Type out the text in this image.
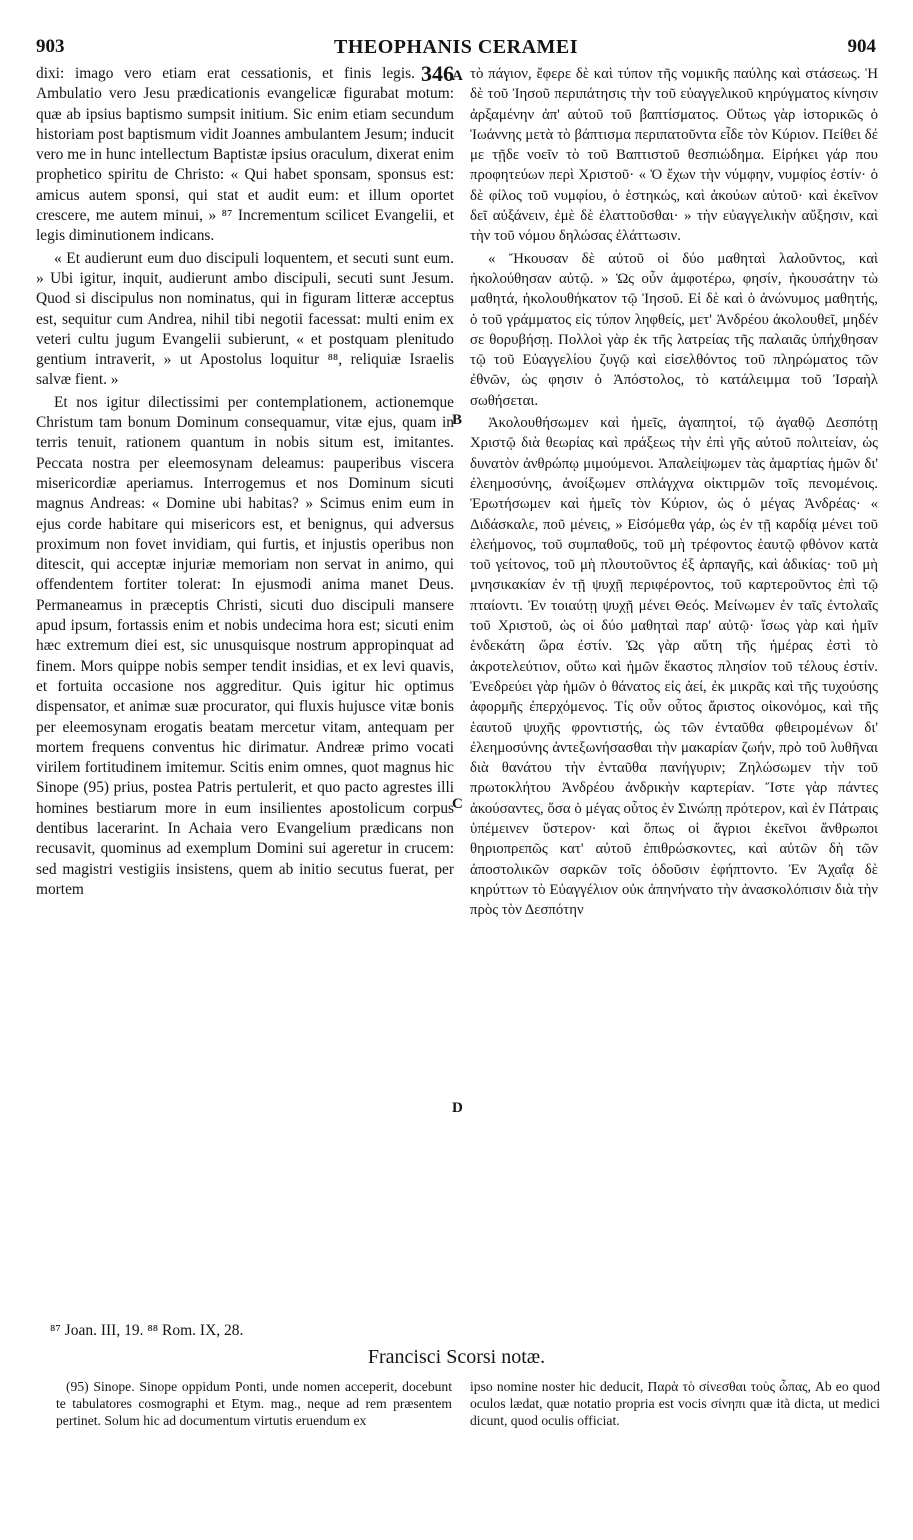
903	THEOPHANIS CERAMEI	904

346
dixi: imago vero etiam erat cessationis, et finis legis. Ambulatio vero Jesu prædicationis evangelicæ figurabat motum: quæ ab ipsius baptismo sumpsit initium. Sic enim etiam secundum historiam post baptismum vidit Joannes ambulantem Jesum; inducit vero me in hunc intellectum Baptistæ ipsius oraculum, dixerat enim prophetico spiritu de Christo: « Qui habet sponsam, sponsus est: amicus autem sponsi, qui stat et audit eum: et illum oportet crescere, me autem minui, » ⁸⁷ Incrementum scilicet Evangelii, et legis diminutionem indicans.

« Et audierunt eum duo discipuli loquentem, et secuti sunt eum. » Ubi igitur, inquit, audierunt ambo discipuli, secuti sunt Jesum. Quod si discipulus non nominatus, qui in figuram litteræ acceptus est, sequitur cum Andrea, nihil tibi negotii facessat: multi enim ex veteri cultu jugum Evangelii subierunt, « et postquam plenitudo gentium intraverit, » ut Apostolus loquitur ⁸⁸, reliquiæ Israelis salvæ fient. »

Et nos igitur dilectissimi per contemplationem, actionemque Christum tam bonum Dominum consequamur, vitæ ejus, quam in terris tenuit, rationem quantum in nobis situm est, imitantes. Peccata nostra per eleemosynam deleamus: pauperibus viscera misericordiæ aperiamus. Interrogemus et nos Dominum sicuti magnus Andreas: « Domine ubi habitas? » Scimus enim eum in ejus corde habitare qui misericors est, et benignus, qui adversus proximum non fovet invidiam, qui furtis, et injustis operibus non ditescit, qui acceptæ injuriæ memoriam non servat in animo, qui offendentem fortiter tolerat: In ejusmodi anima manet Deus. Permaneamus in præceptis Christi, sicuti duo discipuli mansere apud ipsum, fortassis enim et nobis undecima hora est; sicuti enim hæc extremum diei est, sic unusquisque nostrum appropinquat ad finem. Mors quippe nobis semper tendit insidias, et ex levi quavis, et fortuita occasione nos aggreditur. Quis igitur hic optimus dispensator, et animæ suæ procurator, qui fluxis hujusce vitæ bonis per eleemosynam erogatis beatam mercetur vitam, antequam per mortem frequens conventus hic dirimatur. Andreæ primo vocati virilem fortitudinem imitemur. Scitis enim omnes, quot magnus hic Sinope (95) prius, postea Patris pertulerit, et quo pacto agrestes illi homines bestiarum more in eum insilientes apostolicum corpus dentibus lacerarint. In Achaia vero Evangelium prædicans non recusavit, quominus ad exemplum Domini sui ageretur in crucem: sed magistri vestigiis insistens, quem ab initio secutus fuerat, per mortem

A
B
C
D

τὸ πάγιον, ἔφερε δὲ καὶ τύπον τῆς νομικῆς παύλης καὶ στάσεως. Ἡ δὲ τοῦ Ἰησοῦ περιπάτησις τὴν τοῦ εὐαγγελικοῦ κηρύγματος κίνησιν ἀρξαμένην ἀπ' αὐτοῦ τοῦ βαπτίσματος. Οὕτως γὰρ ἱστορικῶς ὁ Ἰωάννης μετὰ τὸ βάπτισμα περιπατοῦντα εἶδε τὸν Κύριον. Πείθει δέ με τῇδε νοεῖν τὸ τοῦ Βαπτιστοῦ θεσπιώδημα. Εἰρήκει γάρ που προφητεύων περὶ Χριστοῦ· « Ὁ ἔχων τὴν νύμφην, νυμφίος ἐστίν· ὁ δὲ φίλος τοῦ νυμφίου, ὁ ἑστηκώς, καὶ ἀκούων αὐτοῦ· καὶ ἐκεῖνον δεῖ αὐξάνειν, ἐμὲ δὲ ἐλαττοῦσθαι· » τὴν εὐαγγελικὴν αὔξησιν, καὶ τὴν τοῦ νόμου δηλώσας ἐλάττωσιν.

« Ἤκουσαν δὲ αὐτοῦ οἱ δύο μαθηταὶ λαλοῦντος, καὶ ἠκολούθησαν αὐτῷ. » Ὡς οὖν ἀμφοτέρω, φησίν, ἠκουσάτην τὼ μαθητά, ἠκολουθήκατον τῷ Ἰησοῦ. Εἰ δὲ καὶ ὁ ἀνώνυμος μαθητής, ὁ τοῦ γράμματος εἰς τύπον ληφθείς, μετ' Ἀνδρέου ἀκολουθεῖ, μηδέν σε θορυβήσῃ. Πολλοὶ γὰρ ἐκ τῆς λατρείας τῆς παλαιᾶς ὑπήχθησαν τῷ τοῦ Εὐαγγελίου ζυγῷ καὶ εἰσελθόντος τοῦ πληρώματος τῶν ἐθνῶν, ὡς φησιν ὁ Ἀπόστολος, τὸ κατάλειμμα τοῦ Ἰσραὴλ σωθήσεται.

Ἀκολουθήσωμεν καὶ ἡμεῖς, ἀγαπητοί, τῷ ἀγαθῷ Δεσπότῃ Χριστῷ διὰ θεωρίας καὶ πράξεως τὴν ἐπὶ γῆς αὐτοῦ πολιτείαν, ὡς δυνατὸν ἀνθρώπῳ μιμούμενοι. Ἀπαλείψωμεν τὰς ἁμαρτίας ἡμῶν δι' ἐλεημοσύνης, ἀνοίξωμεν σπλάγχνα οἰκτιρμῶν τοῖς πενομένοις. Ἐρωτήσωμεν καὶ ἡμεῖς τὸν Κύριον, ὡς ὁ μέγας Ἀνδρέας· « Διδάσκαλε, ποῦ μένεις, » Εἰσόμεθα γάρ, ὡς ἐν τῇ καρδίᾳ μένει τοῦ ἐλεήμονος, τοῦ συμπαθοῦς, τοῦ μὴ τρέφοντος ἑαυτῷ φθόνον κατὰ τοῦ γείτονος, τοῦ μὴ πλουτοῦντος ἐξ ἁρπαγῆς, καὶ ἀδικίας· τοῦ μὴ μνησικακίαν ἐν τῇ ψυχῇ περιφέροντος, τοῦ καρτεροῦντος ἐπὶ τῷ πταίοντι. Ἐν τοιαύτῃ ψυχῇ μένει Θεός. Μείνωμεν ἐν ταῖς ἐντολαῖς τοῦ Χριστοῦ, ὡς οἱ δύο μαθηταὶ παρ' αὐτῷ· ἴσως γὰρ καὶ ἡμῖν ἑνδεκάτη ὥρα ἐστίν. Ὡς γὰρ αὕτη τῆς ἡμέρας ἐστὶ τὸ ἀκροτελεύτιον, οὕτω καὶ ἡμῶν ἕκαστος πλησίον τοῦ τέλους ἐστίν. Ἐνεδρεύει γὰρ ἡμῶν ὁ θάνατος εἰς ἀεί, ἐκ μικρᾶς καὶ τῆς τυχούσης ἀφορμῆς ἐπερχόμενος. Τίς οὖν οὗτος ἄριστος οἰκονόμος, καὶ τῆς ἑαυτοῦ ψυχῆς φροντιστής, ὡς τῶν ἐνταῦθα φθειρομένων δι' ἐλεημοσύνης ἀντεξωνήσασθαι τὴν μακαρίαν ζωήν, πρὸ τοῦ λυθῆναι διὰ θανάτου τὴν ἐνταῦθα πανήγυριν; Ζηλώσωμεν τὴν τοῦ πρωτοκλήτου Ἀνδρέου ἀνδρικὴν καρτερίαν. Ἴστε γὰρ πάντες ἀκούσαντες, ὅσα ὁ μέγας οὗτος ἐν Σινώπῃ πρότερον, καὶ ἐν Πάτραις ὑπέμεινεν ὕστερον· καὶ ὅπως οἱ ἄγριοι ἐκεῖνοι ἄνθρωποι θηριοπρεπῶς κατ' αὐτοῦ ἐπιθρώσκοντες, καὶ αὐτῶν δὴ τῶν ἀποστολικῶν σαρκῶν τοῖς ὀδοῦσιν ἐφήπτοντο. Ἐν Ἀχαΐᾳ δὲ κηρύττων τὸ Εὐαγγέλιον οὐκ ἀπηνήνατο τὴν ἀνασκολόπισιν διὰ τὴν πρὸς τὸν Δεσπότην

⁸⁷ Joan. III, 19. ⁸⁸ Rom. IX, 28.
Francisci Scorsi notæ.

(95) Sinope. Sinope oppidum Ponti, unde nomen acceperit, docebunt te tabulatores cosmographi et Etym. mag., neque ad rem præsentem pertinet. Solum hic ad documentum virtutis eruendum ex

ipso nomine noster hic deducit, Παρὰ τὸ σίνεσθαι τοὺς ὦπας, Ab eo quod oculos lædat, quæ notatio propria est vocis σίνηπι quæ ità dicta, ut medici dicunt, quod oculis officiat.
